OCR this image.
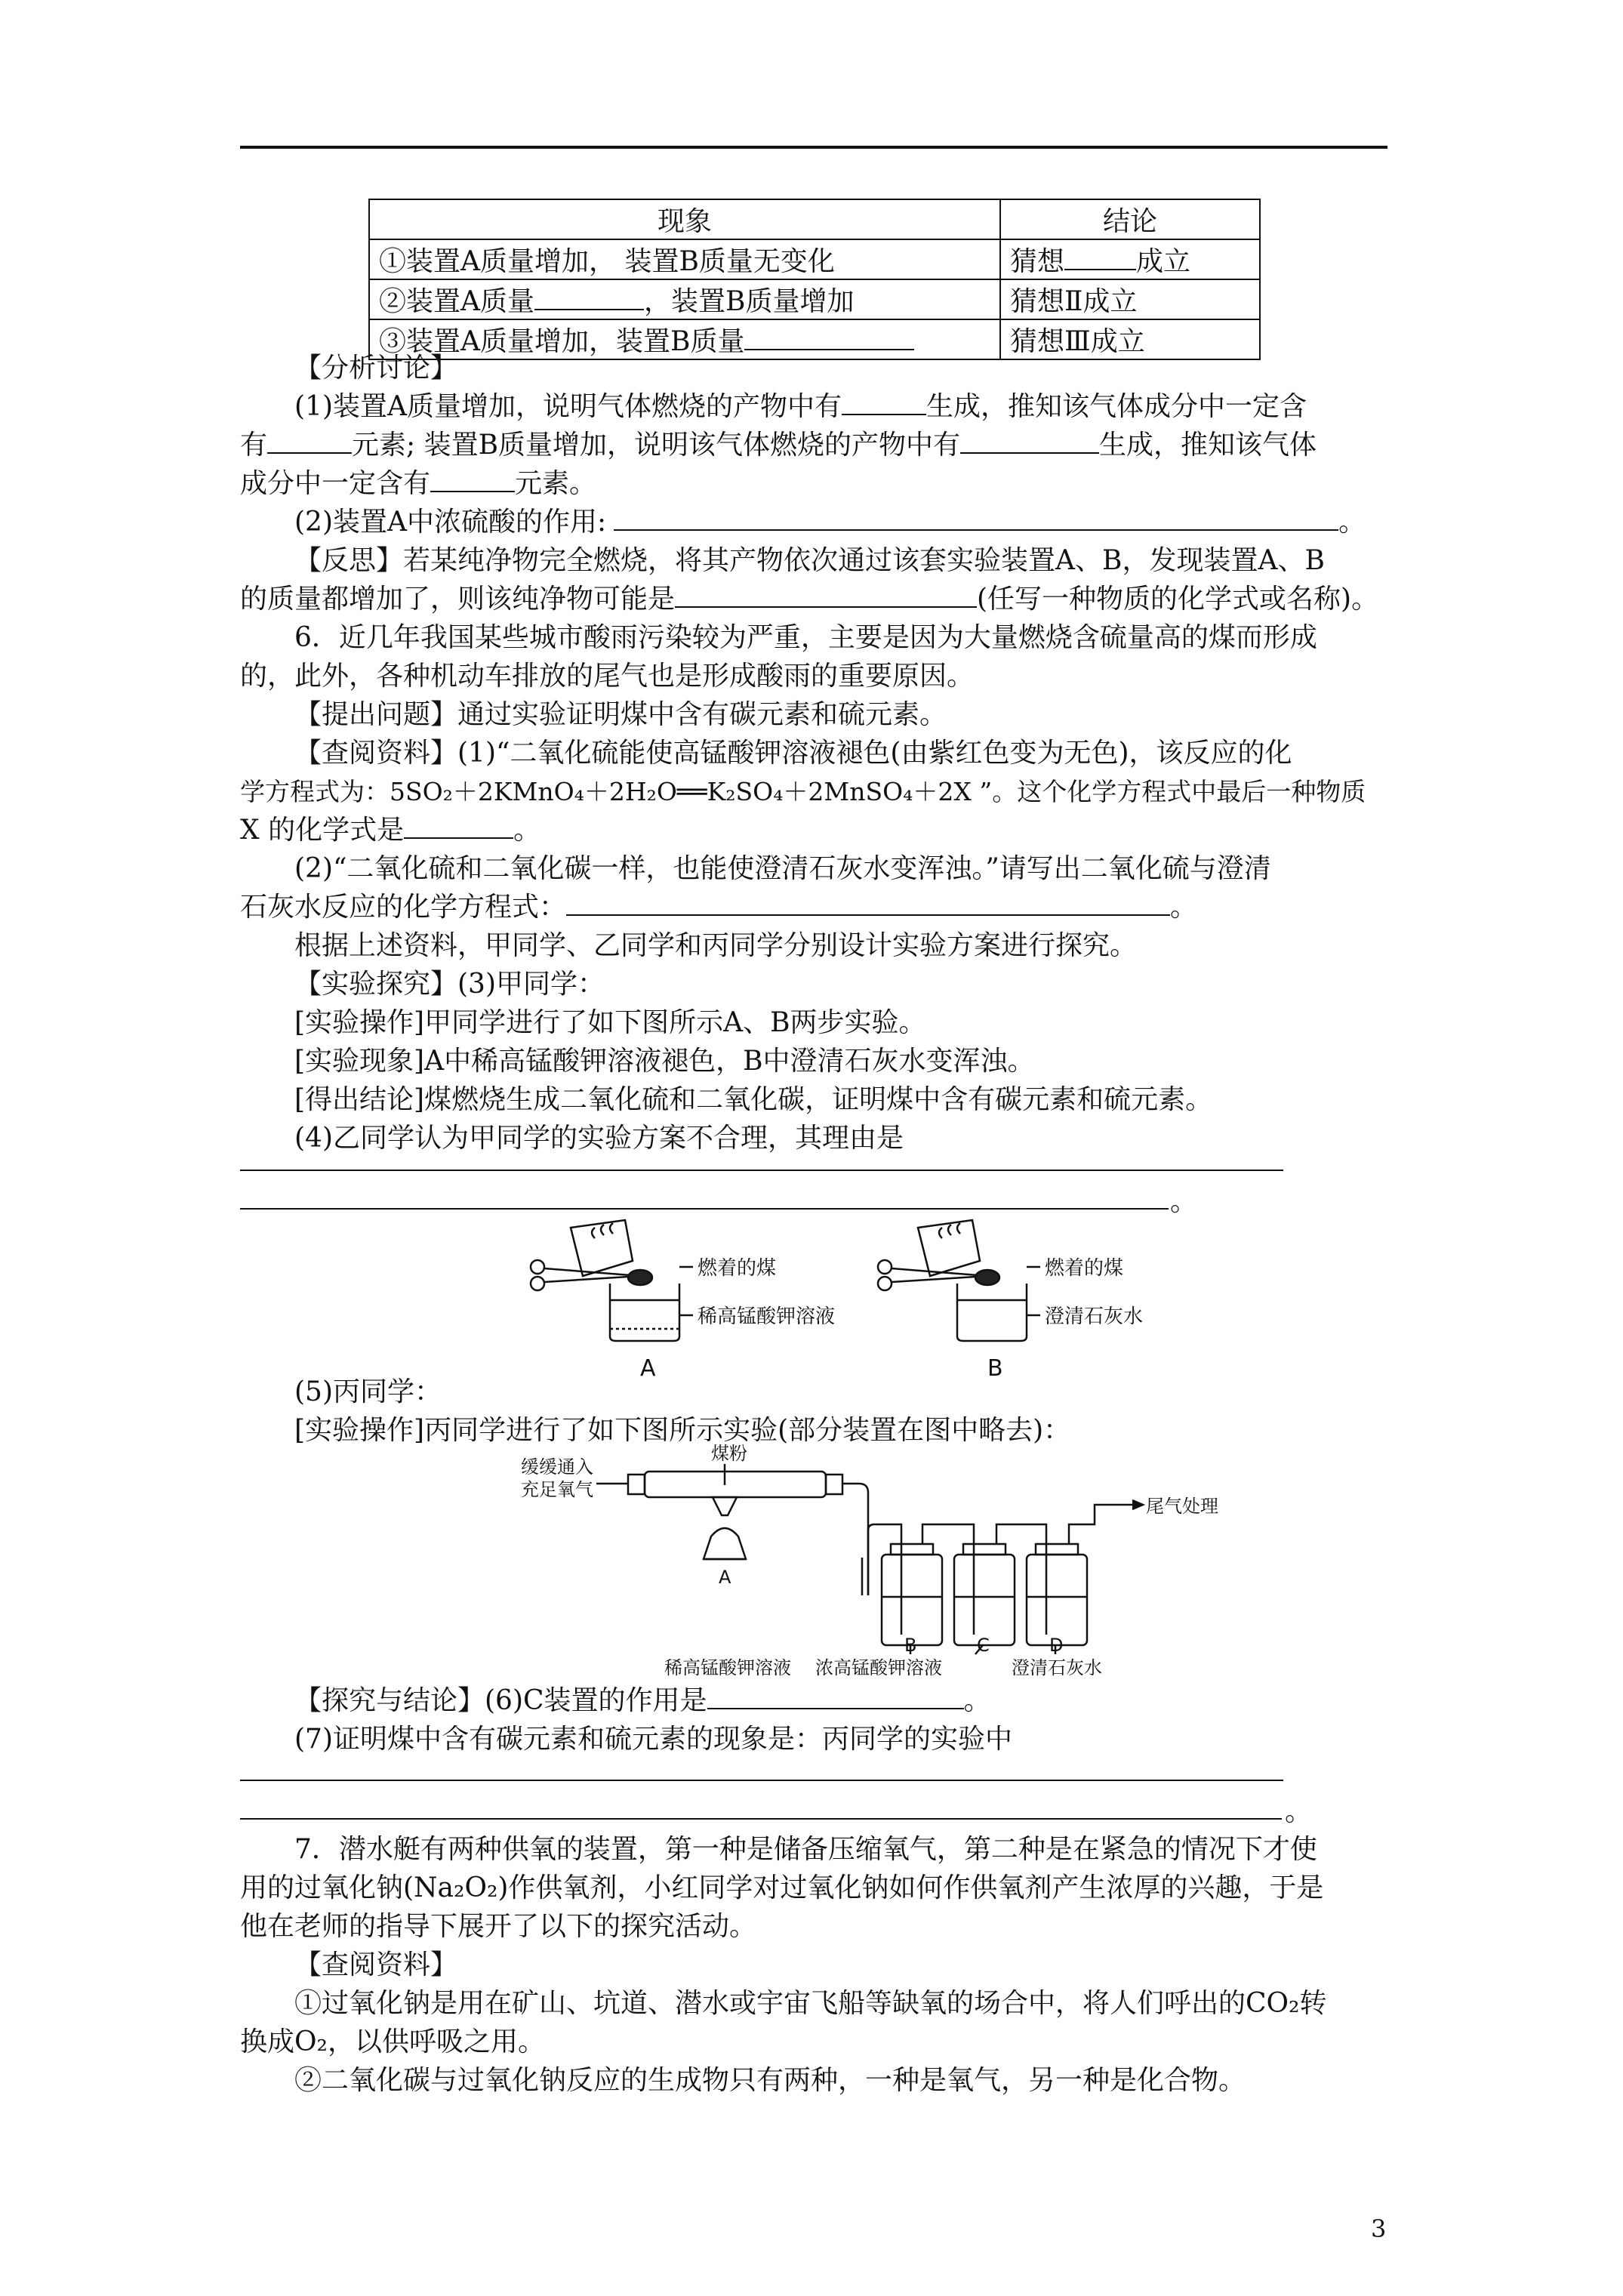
现象	结论
①装置A质量增加， 装置B质量无变化	猜想 成立
②装置A质量 ，装置B质量增加	猜想Ⅱ成立
③装置A质量增加，装置B质量	猜想Ⅲ成立

【分析讨论】

(1)装置A质量增加，说明气体燃烧的产物中有	生成，推知该气体成分中一定含

有	元素; 装置B质量增加，说明该气体燃烧的产物中有	生成，推知该气体

成分中一定含有	元素。

(2)装置A中浓硫酸的作用:	。

【反思】若某纯净物完全燃烧，将其产物依次通过该套实验装置A、B，发现装置A、B

的质量都增加了，则该纯净物可能是	(任写一种物质的化学式或名称)。

6．近几年我国某些城市酸雨污染较为严重，主要是因为大量燃烧含硫量高的煤而形成

的，此外，各种机动车排放的尾气也是形成酸雨的重要原因。

【提出问题】通过实验证明煤中含有碳元素和硫元素。

【查阅资料】(1)“二氧化硫能使高锰酸钾溶液褪色(由紫红色变为无色)，该反应的化

学方程式为：5SO₂＋2KMnO₄＋2H₂O══K₂SO₄＋2MnSO₄＋2X ”。这个化学方程式中最后一种物质

X 的化学式是	。

(2)“二氧化硫和二氧化碳一样，也能使澄清石灰水变浑浊。”请写出二氧化硫与澄清

石灰水反应的化学方程式：	。

根据上述资料，甲同学、乙同学和丙同学分别设计实验方案进行探究。

【实验探究】(3)甲同学：

[实验操作]甲同学进行了如下图所示A、B两步实验。

[实验现象]A中稀高锰酸钾溶液褪色，B中澄清石灰水变浑浊。

[得出结论]煤燃烧生成二氧化硫和二氧化碳，证明煤中含有碳元素和硫元素。

(4)乙同学认为甲同学的实验方案不合理，其理由是

。
燃着的煤
稀高锰酸钾溶液
A
燃着的煤
澄清石灰水
B

(5)丙同学：

[实验操作]丙同学进行了如下图所示实验(部分装置在图中略去)：

缓缓通入
充足氧气
煤粉
尾气处理
A
B	C	D
稀高锰酸钾溶液 浓高锰酸钾溶液	澄清石灰水

【探究与结论】(6)C装置的作用是	。

(7)证明煤中含有碳元素和硫元素的现象是：丙同学的实验中

。

7．潜水艇有两种供氧的装置，第一种是储备压缩氧气，第二种是在紧急的情况下才使

用的过氧化钠(Na₂O₂)作供氧剂，小红同学对过氧化钠如何作供氧剂产生浓厚的兴趣，于是

他在老师的指导下展开了以下的探究活动。

【查阅资料】

①过氧化钠是用在矿山、坑道、潜水或宇宙飞船等缺氧的场合中，将人们呼出的CO₂转

换成O₂，以供呼吸之用。

②二氧化碳与过氧化钠反应的生成物只有两种，一种是氧气，另一种是化合物。

3
